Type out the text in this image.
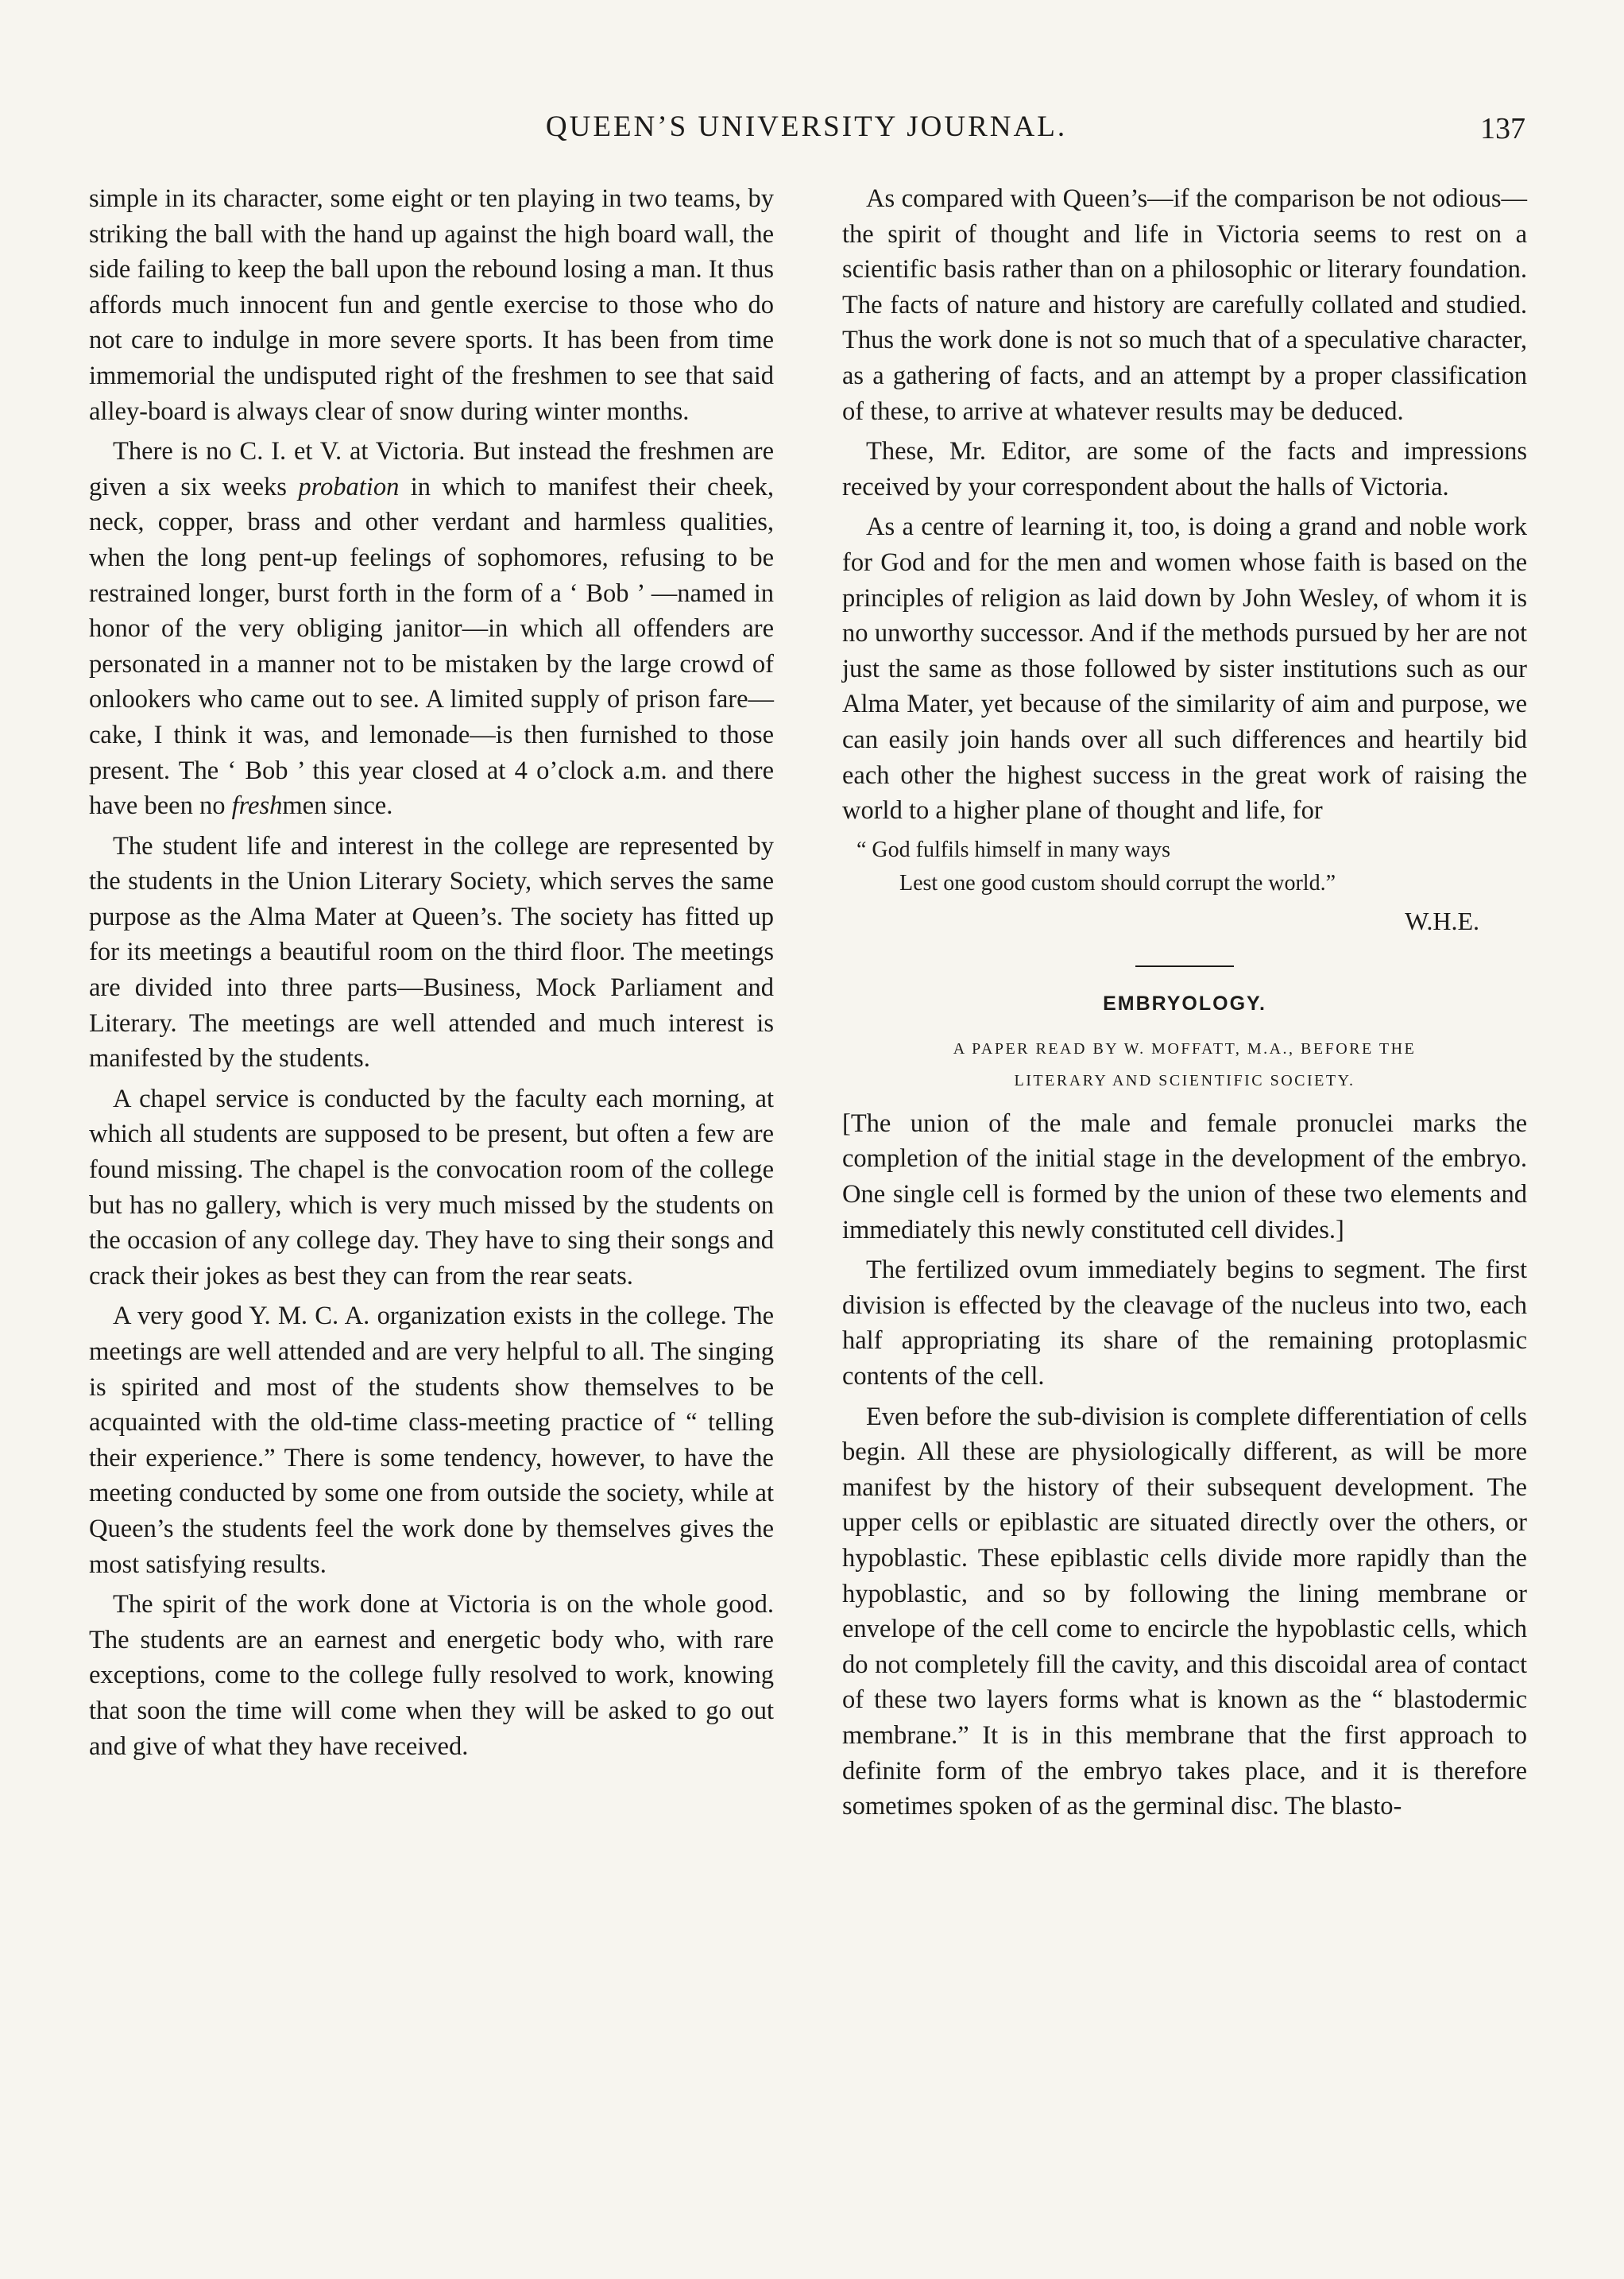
QUEEN’S UNIVERSITY JOURNAL.	137

simple in its character, some eight or ten playing in two teams, by striking the ball with the hand up against the high board wall, the side failing to keep the ball upon the rebound losing a man. It thus affords much innocent fun and gentle exercise to those who do not care to indulge in more severe sports. It has been from time immemorial the undisputed right of the freshmen to see that said alley-board is always clear of snow during winter months.

There is no C. I. et V. at Victoria. But instead the freshmen are given a six weeks probation in which to manifest their cheek, neck, copper, brass and other verdant and harmless qualities, when the long pent-up feelings of sophomores, refusing to be restrained longer, burst forth in the form of a ‘ Bob ’ —named in honor of the very obliging janitor—in which all offenders are personated in a manner not to be mistaken by the large crowd of onlookers who came out to see. A limited supply of prison fare—cake, I think it was, and lemonade—is then furnished to those present. The ‘ Bob ’ this year closed at 4 o’clock a.m. and there have been no freshmen since.

The student life and interest in the college are represented by the students in the Union Literary Society, which serves the same purpose as the Alma Mater at Queen’s. The society has fitted up for its meetings a beautiful room on the third floor. The meetings are divided into three parts—Business, Mock Parliament and Literary. The meetings are well attended and much interest is manifested by the students.

A chapel service is conducted by the faculty each morning, at which all students are supposed to be present, but often a few are found missing. The chapel is the convocation room of the college but has no gallery, which is very much missed by the students on the occasion of any college day. They have to sing their songs and crack their jokes as best they can from the rear seats.

A very good Y. M. C. A. organization exists in the college. The meetings are well attended and are very helpful to all. The singing is spirited and most of the students show themselves to be acquainted with the old-time class-meeting practice of “ telling their experience.” There is some tendency, however, to have the meeting conducted by some one from outside the society, while at Queen’s the students feel the work done by themselves gives the most satisfying results.

The spirit of the work done at Victoria is on the whole good. The students are an earnest and energetic body who, with rare exceptions, come to the college fully resolved to work, knowing that soon the time will come when they will be asked to go out and give of what they have received.

As compared with Queen’s—if the comparison be not odious—the spirit of thought and life in Victoria seems to rest on a scientific basis rather than on a philosophic or literary foundation. The facts of nature and history are carefully collated and studied. Thus the work done is not so much that of a speculative character, as a gathering of facts, and an attempt by a proper classification of these, to arrive at whatever results may be deduced.

These, Mr. Editor, are some of the facts and impressions received by your correspondent about the halls of Victoria.

As a centre of learning it, too, is doing a grand and noble work for God and for the men and women whose faith is based on the principles of religion as laid down by John Wesley, of whom it is no unworthy successor. And if the methods pursued by her are not just the same as those followed by sister institutions such as our Alma Mater, yet because of the similarity of aim and purpose, we can easily join hands over all such differences and heartily bid each other the highest success in the great work of raising the world to a higher plane of thought and life, for

“ God fulfils himself in many ways
Lest one good custom should corrupt the world.”
W.H.E.
EMBRYOLOGY.
A PAPER READ BY W. MOFFATT, M.A., BEFORE THE
LITERARY AND SCIENTIFIC SOCIETY.

[The union of the male and female pronuclei marks the completion of the initial stage in the development of the embryo. One single cell is formed by the union of these two elements and immediately this newly constituted cell divides.]

The fertilized ovum immediately begins to segment. The first division is effected by the cleavage of the nucleus into two, each half appropriating its share of the remaining protoplasmic contents of the cell.

Even before the sub-division is complete differentiation of cells begin. All these are physiologically different, as will be more manifest by the history of their subsequent development. The upper cells or epiblastic are situated directly over the others, or hypoblastic. These epiblastic cells divide more rapidly than the hypoblastic, and so by following the lining membrane or envelope of the cell come to encircle the hypoblastic cells, which do not completely fill the cavity, and this discoidal area of contact of these two layers forms what is known as the “ blastodermic membrane.” It is in this membrane that the first approach to definite form of the embryo takes place, and it is therefore sometimes spoken of as the germinal disc. The blasto-
